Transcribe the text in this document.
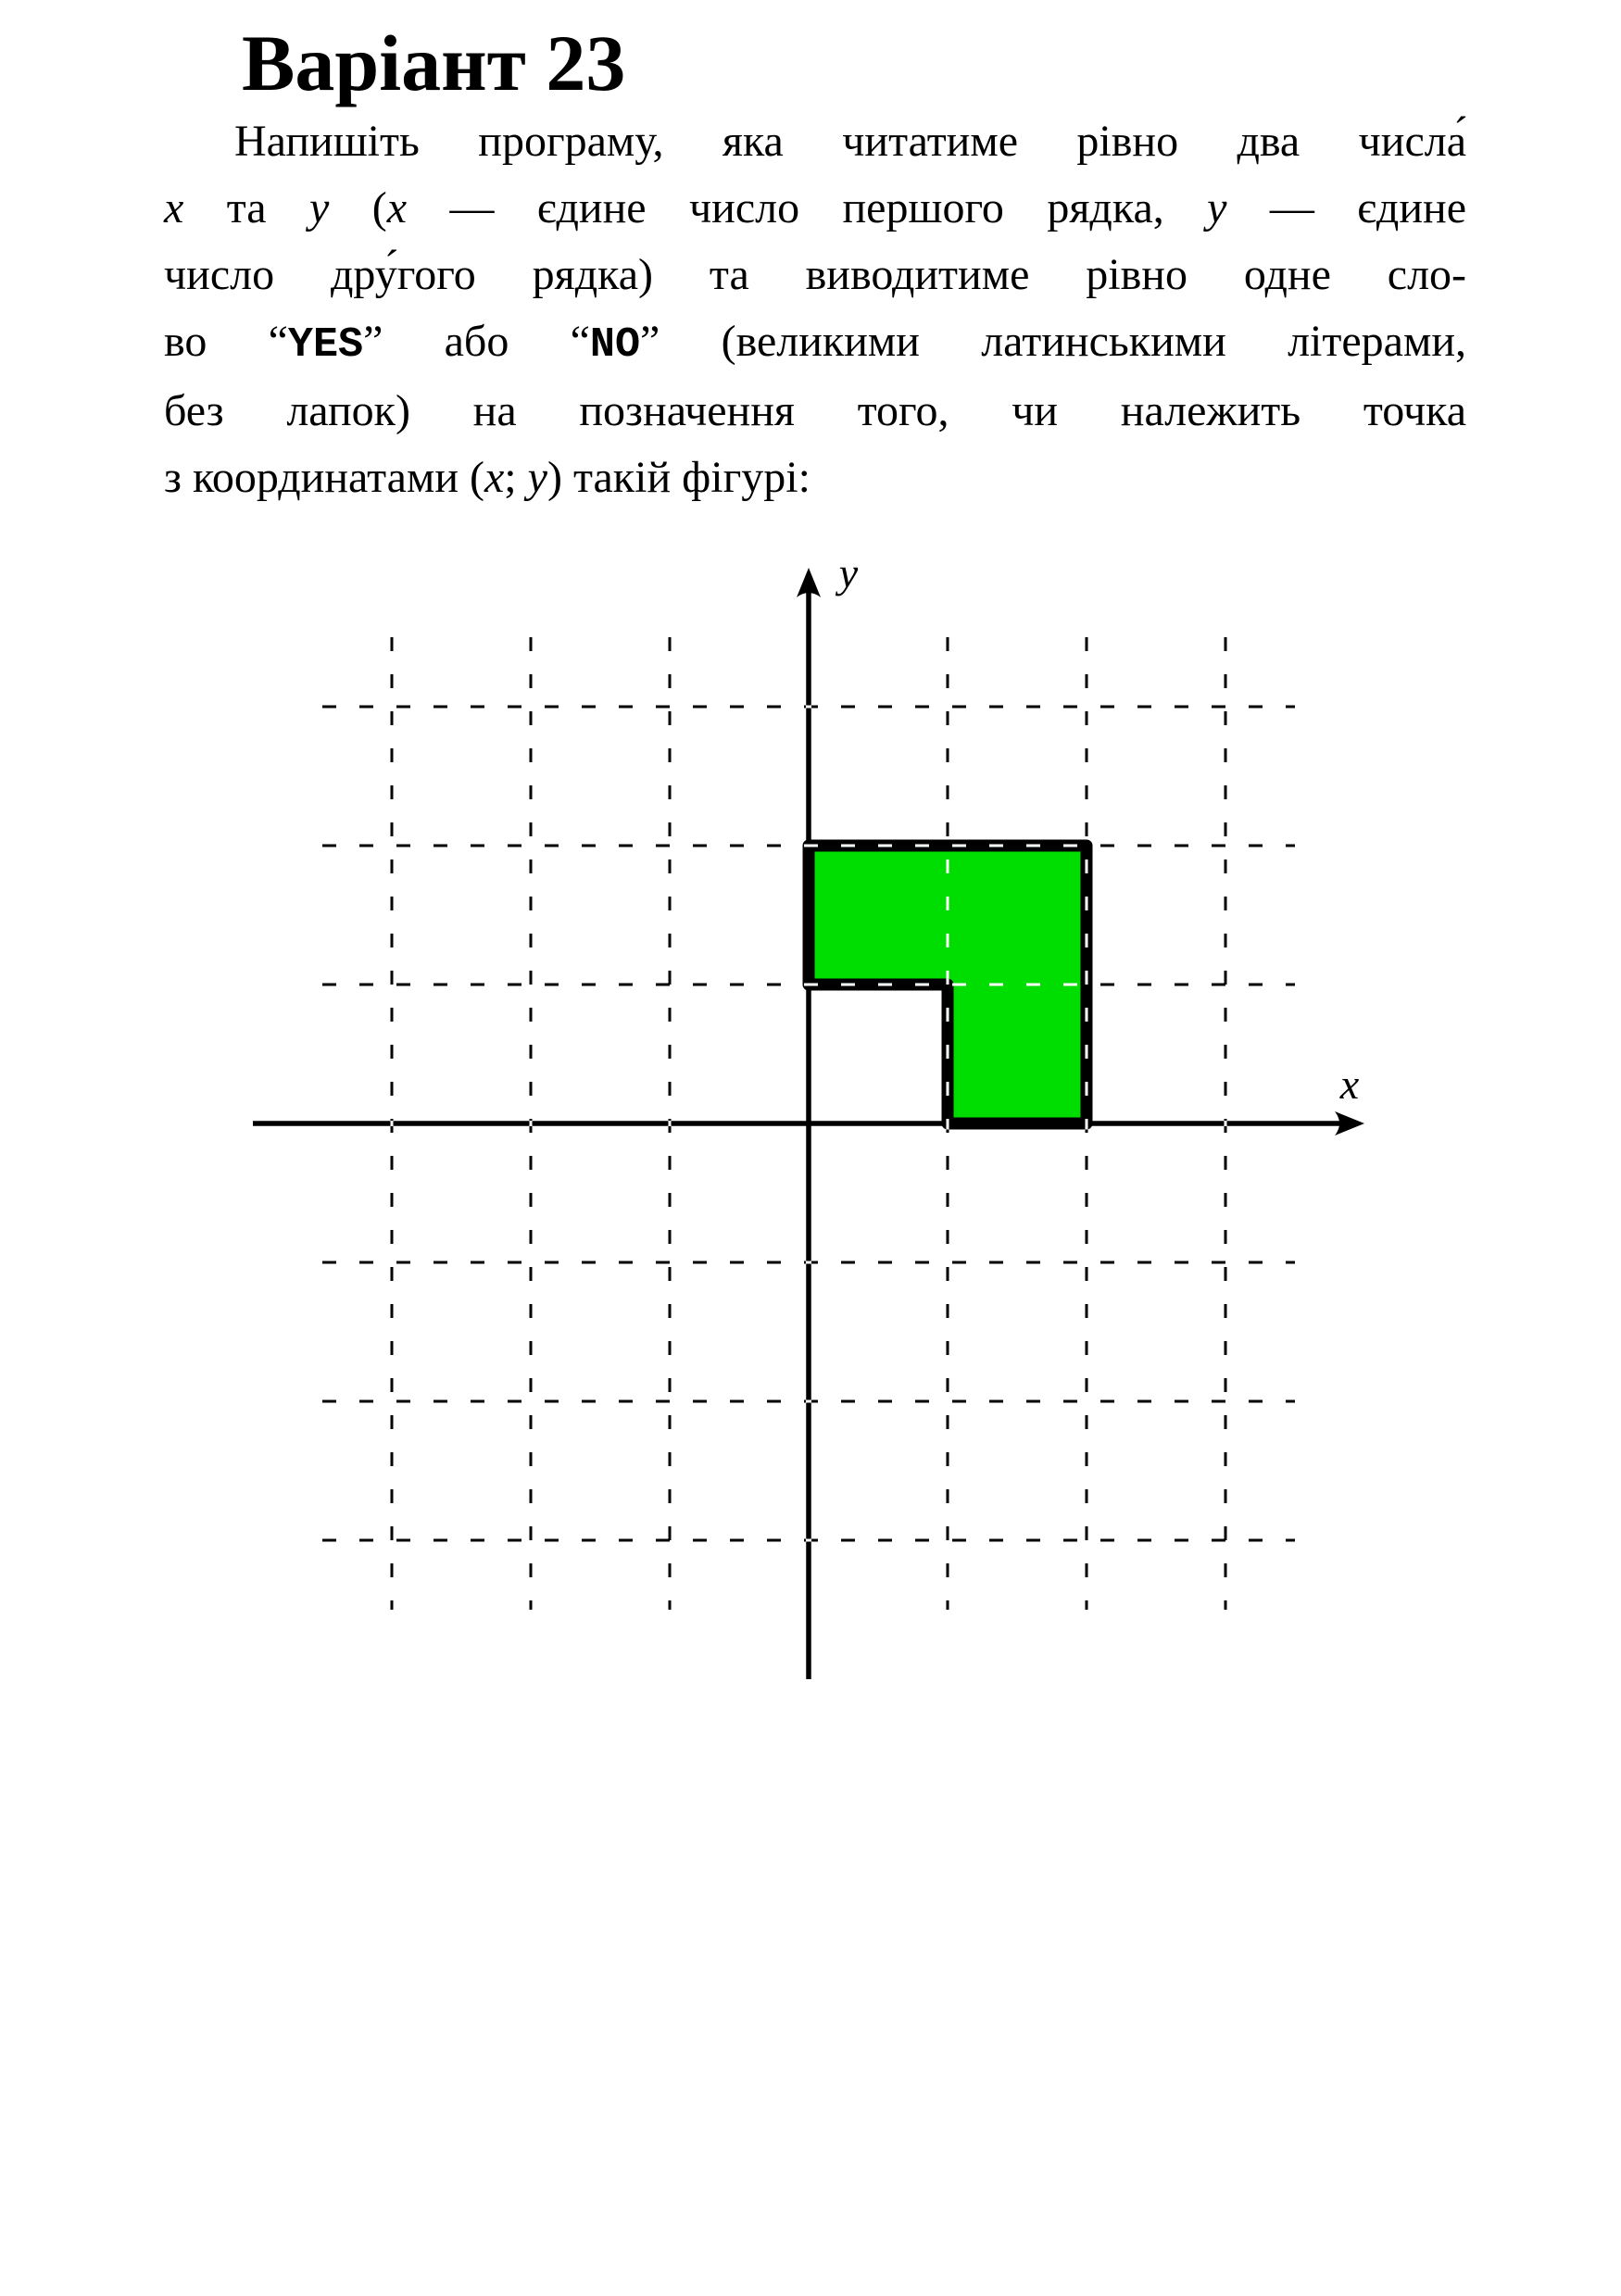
Варіант 23
Напишіть програму, яка читатиме рівно два числа́
x та y (x — єдине число першого рядка, y — єдине
число дру́гого рядка) та виводитиме рівно одне сло-
во “YES” або “NO” (великими латинськими літерами,
без лапок) на позначення того, чи належить точка
з координатами (x; y) такій фігурі:
x
y
